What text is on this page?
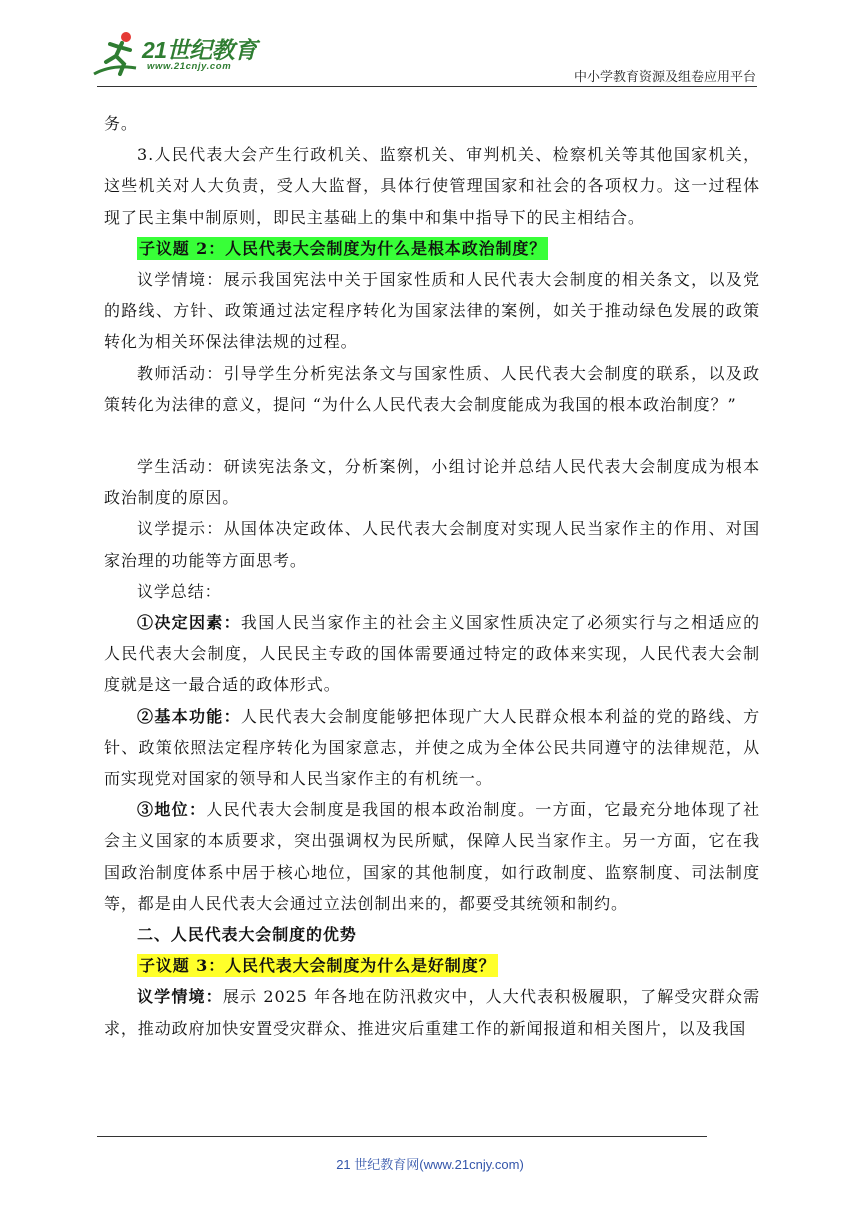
21世纪教育
www.21cnjy.com
中小学教育资源及组卷应用平台

务。

3.人民代表大会产生行政机关、监察机关、审判机关、检察机关等其他国家机关，这些机关对人大负责，受人大监督，具体行使管理国家和社会的各项权力。这一过程体现了民主集中制原则，即民主基础上的集中和集中指导下的民主相结合。

子议题 2：人民代表大会制度为什么是根本政治制度？

议学情境：展示我国宪法中关于国家性质和人民代表大会制度的相关条文，以及党的路线、方针、政策通过法定程序转化为国家法律的案例，如关于推动绿色发展的政策转化为相关环保法律法规的过程。

教师活动：引导学生分析宪法条文与国家性质、人民代表大会制度的联系，以及政策转化为法律的意义，提问 “为什么人民代表大会制度能成为我国的根本政治制度？”

学生活动：研读宪法条文，分析案例，小组讨论并总结人民代表大会制度成为根本政治制度的原因。

议学提示：从国体决定政体、人民代表大会制度对实现人民当家作主的作用、对国家治理的功能等方面思考。

议学总结：

①决定因素：我国人民当家作主的社会主义国家性质决定了必须实行与之相适应的人民代表大会制度，人民民主专政的国体需要通过特定的政体来实现，人民代表大会制度就是这一最合适的政体形式。

②基本功能：人民代表大会制度能够把体现广大人民群众根本利益的党的路线、方针、政策依照法定程序转化为国家意志，并使之成为全体公民共同遵守的法律规范，从而实现党对国家的领导和人民当家作主的有机统一。

③地位：人民代表大会制度是我国的根本政治制度。一方面，它最充分地体现了社会主义国家的本质要求，突出强调权为民所赋，保障人民当家作主。另一方面，它在我国政治制度体系中居于核心地位，国家的其他制度，如行政制度、监察制度、司法制度等，都是由人民代表大会通过立法创制出来的，都要受其统领和制约。

二、人民代表大会制度的优势

子议题 3：人民代表大会制度为什么是好制度？

议学情境：展示 2025 年各地在防汛救灾中，人大代表积极履职，了解受灾群众需求，推动政府加快安置受灾群众、推进灾后重建工作的新闻报道和相关图片，以及我国

21 世纪教育网(www.21cnjy.com)
